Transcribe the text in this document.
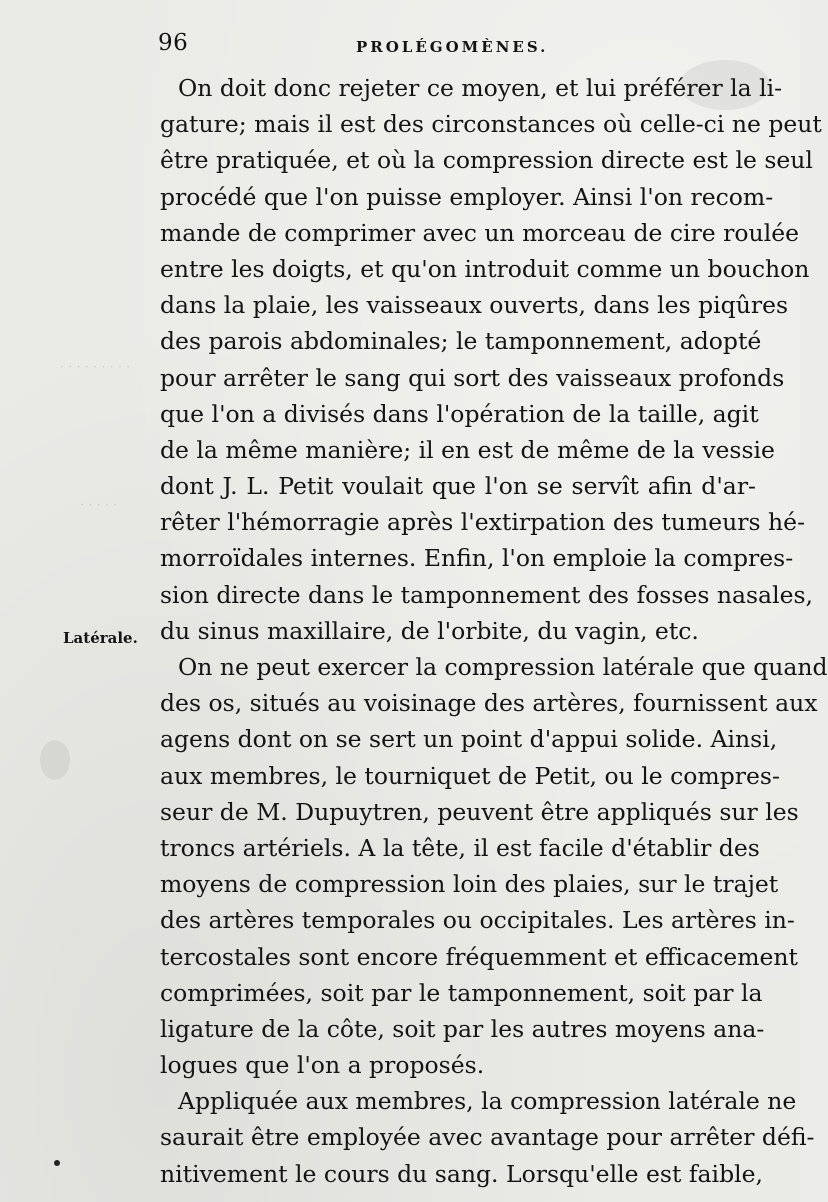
· · · · · · · · ·
· · · · ·
96	PROLÉGOMÈNES.
Latérale.
On doit donc rejeter ce moyen, et lui préférer la li-
gature; mais il est des circonstances où celle-ci ne peut
être pratiquée, et où la compression directe est le seul
procédé que l'on puisse employer. Ainsi l'on recom-
mande de comprimer avec un morceau de cire roulée
entre les doigts, et qu'on introduit comme un bouchon
dans la plaie, les vaisseaux ouverts, dans les piqûres
des parois abdominales; le tamponnement, adopté
pour arrêter le sang qui sort des vaisseaux profonds
que l'on a divisés dans l'opération de la taille, agit
de la même manière; il en est de même de la vessie
dont J. L. Petit voulait que l'on se servît afin d'ar-
rêter l'hémorragie après l'extirpation des tumeurs hé-
morroïdales internes. Enfin, l'on emploie la compres-
sion directe dans le tamponnement des fosses nasales,
du sinus maxillaire, de l'orbite, du vagin, etc.
On ne peut exercer la compression latérale que quand
des os, situés au voisinage des artères, fournissent aux
agens dont on se sert un point d'appui solide. Ainsi,
aux membres, le tourniquet de Petit, ou le compres-
seur de M. Dupuytren, peuvent être appliqués sur les
troncs artériels. A la tête, il est facile d'établir des
moyens de compression loin des plaies, sur le trajet
des artères temporales ou occipitales. Les artères in-
tercostales sont encore fréquemment et efficacement
comprimées, soit par le tamponnement, soit par la
ligature de la côte, soit par les autres moyens ana-
logues que l'on a proposés.
Appliquée aux membres, la compression latérale ne
saurait être employée avec avantage pour arrêter défi-
nitivement le cours du sang. Lorsqu'elle est faible,
